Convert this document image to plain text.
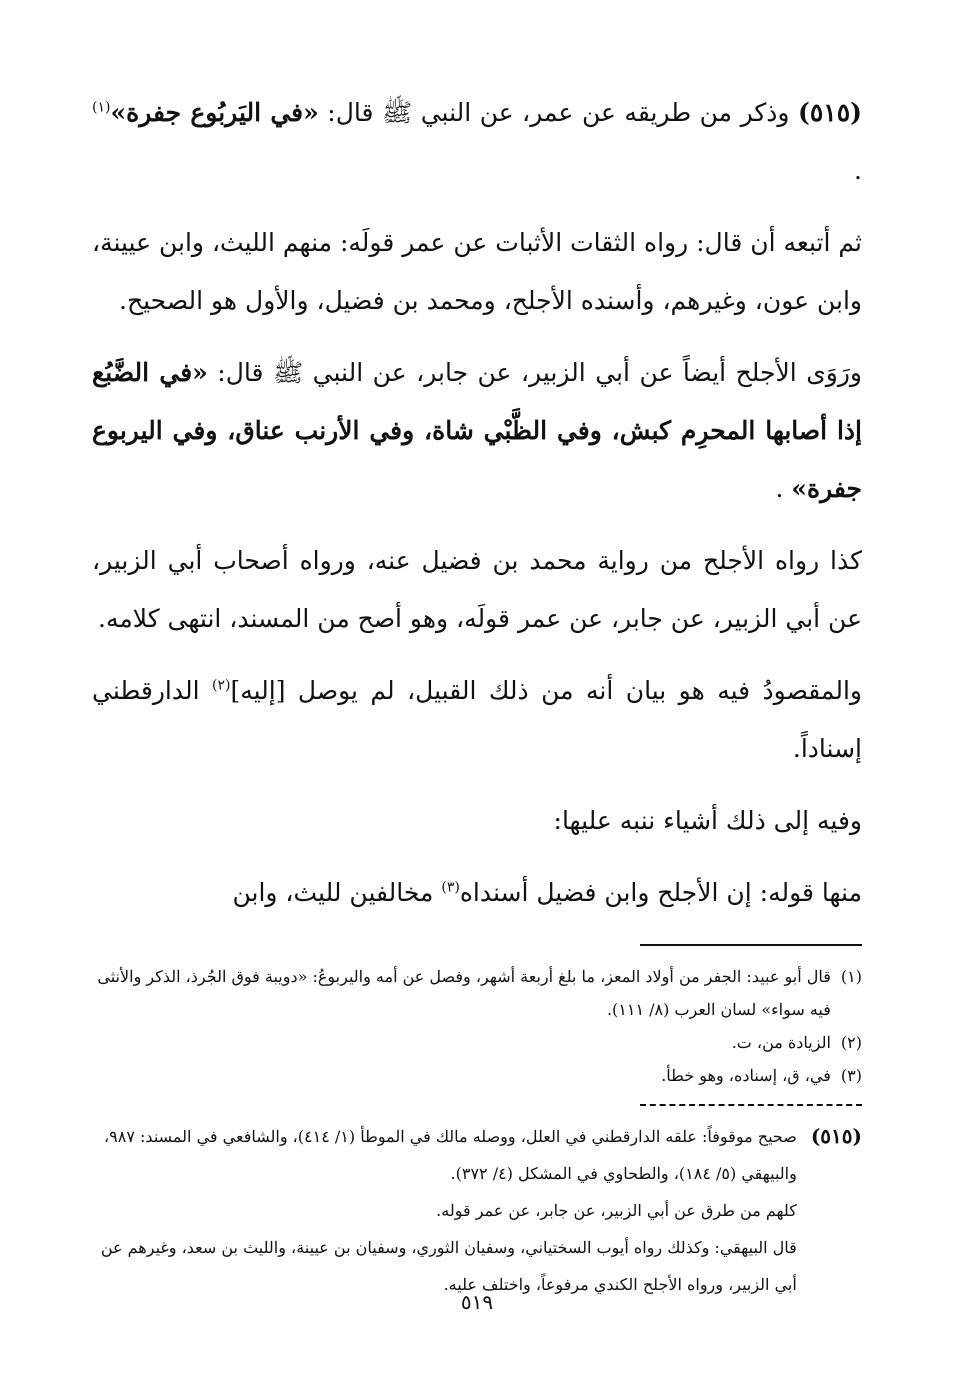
(٥١٥) وذكر من طريقه عن عمر، عن النبي ﷺ قال: «في اليَربُوع جفرة»$^{(١)}$ .

ثم أتبعه أن قال: رواه الثقات الأثبات عن عمر قولَه: منهم الليث، وابن عيينة، وابن عون، وغيرهم، وأسنده الأجلح، ومحمد بن فضيل، والأول هو الصحيح.

ورَوَى الأجلح أيضاً عن أبي الزبير، عن جابر، عن النبي ﷺ قال: «في الضَّبُع إذا أصابها المحرِم كبش، وفي الظَّبْي شاة، وفي الأرنب عناق، وفي اليربوع جفرة» .

كذا رواه الأجلح من رواية محمد بن فضيل عنه، ورواه أصحاب أبي الزبير، عن أبي الزبير، عن جابر، عن عمر قولَه، وهو أصح من المسند، انتهى كلامه.

والمقصودُ فيه هو بيان أنه من ذلك القبيل، لم يوصل [إليه]$^{(٢)}$ الدارقطني إسناداً.

وفيه إلى ذلك أشياء ننبه عليها:

منها قوله: إن الأجلح وابن فضيل أسنداه$^{(٣)}$ مخالفين لليث، وابن

(١)
قال أبو عبيد: الجفر من أولاد المعز، ما بلغ أربعة أشهر، وفصل عن أمه واليربوعُ: «دويبة فوق الجُرذ، الذكر والأنثى فيه سواء» لسان العرب (٨/ ١١١).
(٢)
الزيادة من، ت.
(٣)
في، ق، إسناده، وهو خطأ.
(٥١٥)

صحيح موقوفاً: علقه الدارقطني في العلل، ووصله مالك في الموطأ (١/ ٤١٤)، والشافعي في المسند: ٩٨٧، والبيهقي (٥/ ١٨٤)، والطحاوي في المشكل (٤/ ٣٧٢).

كلهم من طرق عن أبي الزبير، عن جابر، عن عمر قوله.

قال البيهقي: وكذلك رواه أيوب السختياني، وسفيان الثوري، وسفيان بن عيينة، والليث بن سعد، وغيرهم عن أبي الزبير، ورواه الأجلح الكندي مرفوعاً، واختلف عليه.

٥١٩
